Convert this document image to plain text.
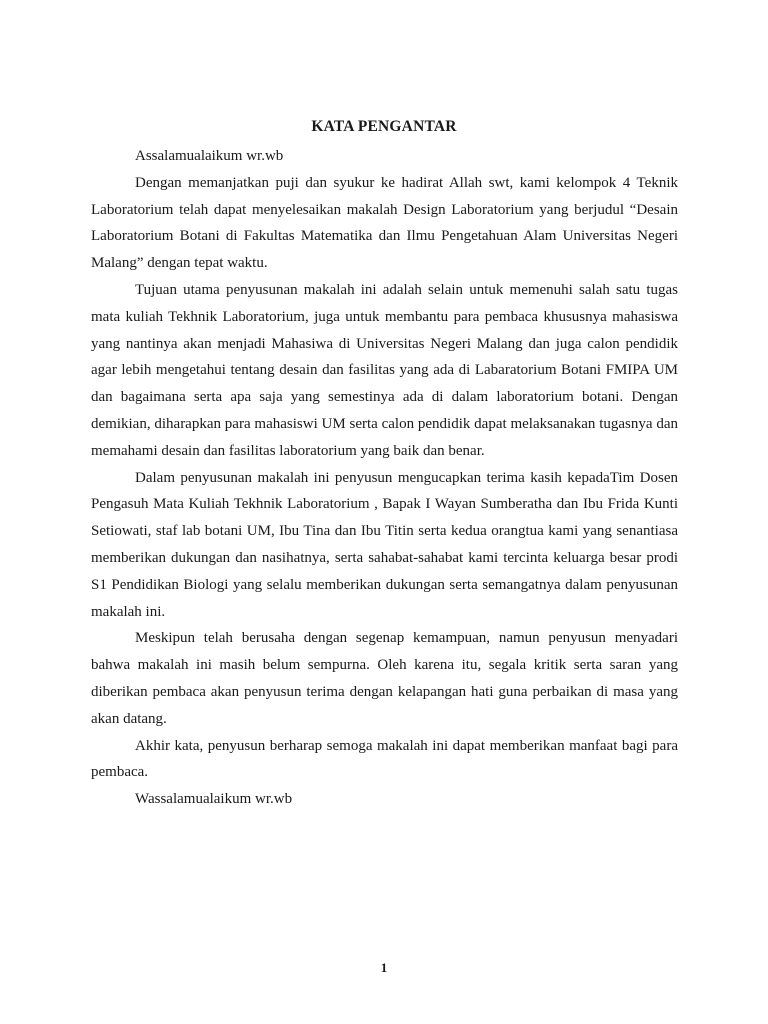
KATA PENGANTAR

Assalamualaikum wr.wb

Dengan memanjatkan puji dan syukur ke hadirat Allah swt, kami kelompok 4 Teknik Laboratorium telah dapat menyelesaikan makalah Design Laboratorium yang berjudul “Desain Laboratorium Botani di Fakultas Matematika dan Ilmu Pengetahuan Alam Universitas Negeri Malang” dengan tepat waktu.

Tujuan utama penyusunan makalah ini adalah selain untuk memenuhi salah satu tugas mata kuliah Tekhnik Laboratorium, juga untuk membantu para pembaca khususnya mahasiswa yang nantinya akan menjadi Mahasiwa di Universitas Negeri Malang dan juga calon pendidik agar lebih mengetahui tentang desain dan fasilitas yang ada di Labaratorium Botani FMIPA UM dan bagaimana serta apa saja yang semestinya ada di dalam laboratorium botani. Dengan demikian, diharapkan para mahasiswi UM serta calon pendidik dapat melaksanakan tugasnya dan memahami desain dan fasilitas laboratorium yang baik dan benar.

Dalam penyusunan makalah ini penyusun mengucapkan terima kasih kepadaTim Dosen Pengasuh Mata Kuliah Tekhnik Laboratorium , Bapak I Wayan Sumberatha dan Ibu Frida Kunti Setiowati, staf lab botani UM, Ibu Tina dan Ibu Titin serta kedua orangtua kami yang senantiasa memberikan dukungan dan nasihatnya, serta sahabat-sahabat kami tercinta keluarga besar prodi S1 Pendidikan Biologi yang selalu memberikan dukungan serta semangatnya dalam penyusunan makalah ini.

Meskipun telah berusaha dengan segenap kemampuan, namun penyusun menyadari bahwa makalah ini masih belum sempurna. Oleh karena itu, segala kritik serta saran yang diberikan pembaca akan penyusun terima dengan kelapangan hati guna perbaikan di masa yang akan datang.

Akhir kata, penyusun berharap semoga makalah ini dapat memberikan manfaat bagi para pembaca.

Wassalamualaikum wr.wb

1
